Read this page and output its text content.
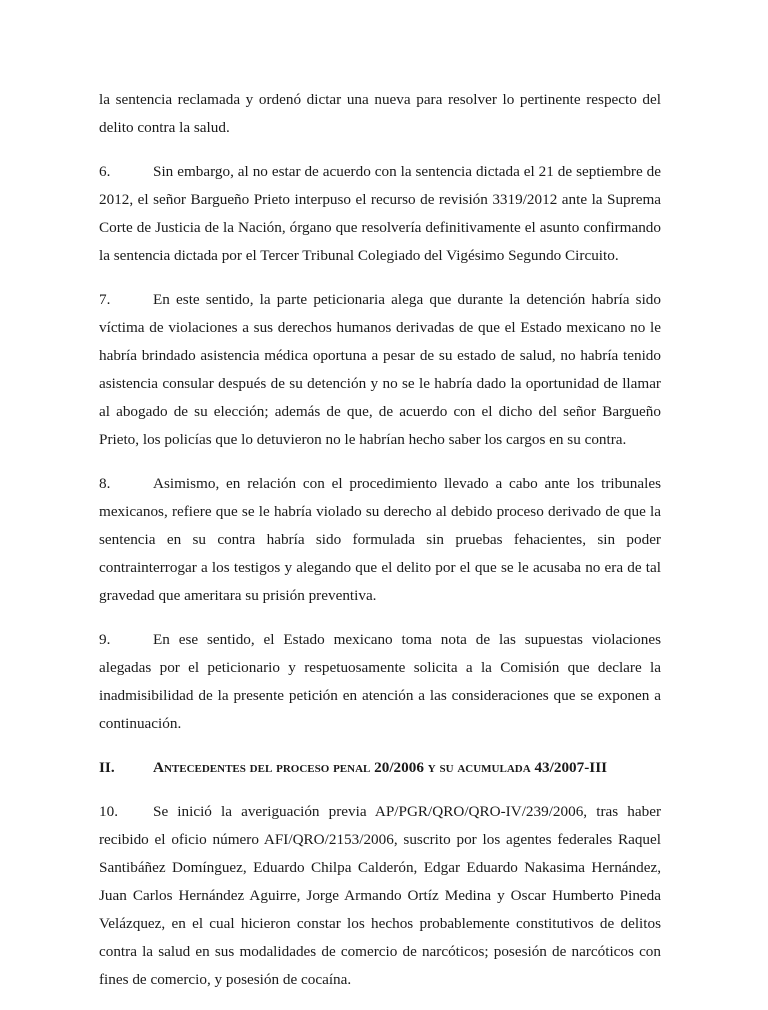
la sentencia reclamada y ordenó dictar una nueva para resolver lo pertinente respecto del delito contra la salud.

6.	Sin embargo, al no estar de acuerdo con la sentencia dictada el 21 de septiembre de 2012, el señor Bargueño Prieto interpuso el recurso de revisión 3319/2012 ante la Suprema Corte de Justicia de la Nación, órgano que resolvería definitivamente el asunto confirmando la sentencia dictada por el Tercer Tribunal Colegiado del Vigésimo Segundo Circuito.

7.	En este sentido, la parte peticionaria alega que durante la detención habría sido víctima de violaciones a sus derechos humanos derivadas de que el Estado mexicano no le habría brindado asistencia médica oportuna a pesar de su estado de salud, no habría tenido asistencia consular después de su detención y no se le habría dado la oportunidad de llamar al abogado de su elección; además de que, de acuerdo con el dicho del señor Bargueño Prieto, los policías que lo detuvieron no le habrían hecho saber los cargos en su contra.

8.	Asimismo, en relación con el procedimiento llevado a cabo ante los tribunales mexicanos, refiere que se le habría violado su derecho al debido proceso derivado de que la sentencia en su contra habría sido formulada sin pruebas fehacientes, sin poder contrainterrogar a los testigos y alegando que el delito por el que se le acusaba no era de tal gravedad que ameritara su prisión preventiva.

9.	En ese sentido, el Estado mexicano toma nota de las supuestas violaciones alegadas por el peticionario y respetuosamente solicita a la Comisión que declare la inadmisibilidad de la presente petición en atención a las consideraciones que se exponen a continuación.

II.	Antecedentes del proceso penal 20/2006 y su acumulada 43/2007-III

10. Se inició la averiguación previa AP/PGR/QRO/QRO-IV/239/2006, tras haber recibido el oficio número AFI/QRO/2153/2006, suscrito por los agentes federales Raquel Santibáñez Domínguez, Eduardo Chilpa Calderón, Edgar Eduardo Nakasima Hernández, Juan Carlos Hernández Aguirre, Jorge Armando Ortíz Medina y Oscar Humberto Pineda Velázquez, en el cual hicieron constar los hechos probablemente constitutivos de delitos contra la salud en sus modalidades de comercio de narcóticos; posesión de narcóticos con fines de comercio, y posesión de cocaína.
